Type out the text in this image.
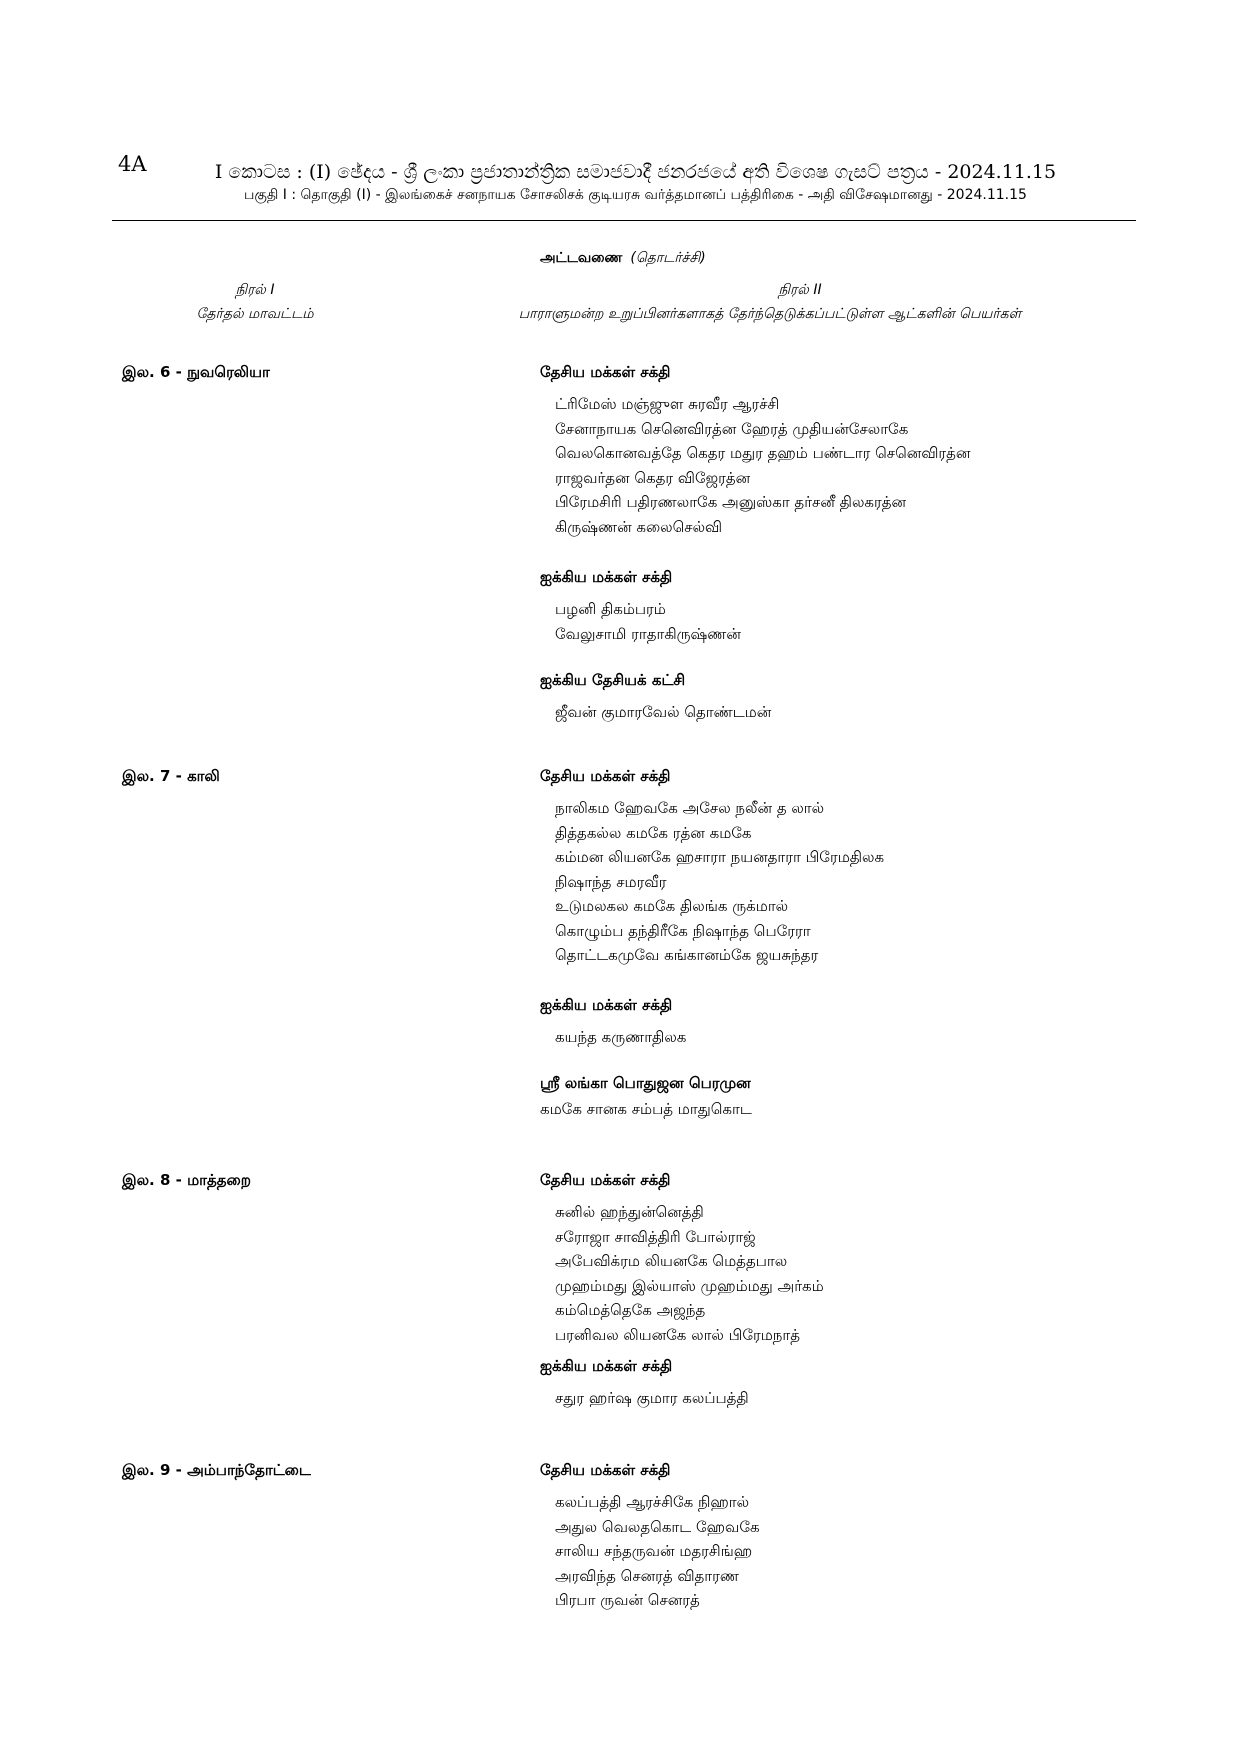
4A	I කොටස : (I) ඡේදය - ශ්‍රී ලංකා ප්‍රජාතාන්ත්‍රික සමාජවාදී ජනරජයේ අති විශෙෂ ගැසට් පත්‍රය - 2024.11.15
பகுதி I : தொகுதி (I) - இலங்கைச் சனநாயக சோசலிசக் குடியரசு வர்த்தமானப் பத்திரிகை - அதி விசேஷமானது - 2024.11.15
அட்டவணை (தொடர்ச்சி)
நிரல் I	நிரல் II
தேர்தல் மாவட்டம்	பாராளுமன்ற உறுப்பினர்களாகத் தேர்ந்தெடுக்கப்பட்டுள்ள ஆட்களின் பெயர்கள்
இல. 6 - நுவரெலியா	தேசிய மக்கள் சக்தி
ட்ரிமேஸ் மஞ்ஜுள சுரவீர ஆரச்சி
சேனாநாயக செனெவிரத்ன ஹேரத் முதியன்சேலாகே
வெலகொனவத்தே கெதர மதுர தஹம் பண்டார செனெவிரத்ன
ராஜவர்தன கெதர விஜேரத்ன
பிரேமசிரி பதிரணலாகே அனுஸ்கா தர்சனீ திலகரத்ன
கிருஷ்ணன் கலைசெல்வி
ஐக்கிய மக்கள் சக்தி
பழனி திகம்பரம்
வேலுசாமி ராதாகிருஷ்ணன்
ஐக்கிய தேசியக் கட்சி
ஜீவன் குமாரவேல் தொண்டமன்
இல. 7 - காலி	தேசிய மக்கள் சக்தி
நாலிகம ஹேவகே அசேல நலீன் த லால்
தித்தகல்ல கமகே ரத்ன கமகே
கம்மன லியனகே ஹசாரா நயனதாரா பிரேமதிலக
நிஷாந்த சமரவீர
உடுமலகல கமகே திலங்க ருக்மால்
கொழும்ப தந்திரீகே நிஷாந்த பெரேரா
தொட்டகமுவே கங்கானம்கே ஜயசுந்தர
ஐக்கிய மக்கள் சக்தி
கயந்த கருணாதிலக
ஸ்ரீ லங்கா பொதுஜன பெரமுன
கமகே சானக சம்பத் மாதுகொட
இல. 8 - மாத்தறை	தேசிய மக்கள் சக்தி
சுனில் ஹந்துன்னெத்தி
சரோஜா சாவித்திரி போல்ராஜ்
அபேவிக்ரம லியனகே மெத்தபால
முஹம்மது இல்யாஸ் முஹம்மது அர்கம்
கம்மெத்தெகே அஜந்த
பரனிவல லியனகே லால் பிரேமநாத்
ஐக்கிய மக்கள் சக்தி
சதுர ஹர்ஷ குமார கலப்பத்தி
இல. 9 - அம்பாந்தோட்டை	தேசிய மக்கள் சக்தி
கலப்பத்தி ஆரச்சிகே நிஹால்
அதுல வெலதகொட ஹேவகே
சாலிய சந்தருவன் மதரசிங்ஹ
அரவிந்த செனரத் விதாரண
பிரபா ருவன் செனரத்
